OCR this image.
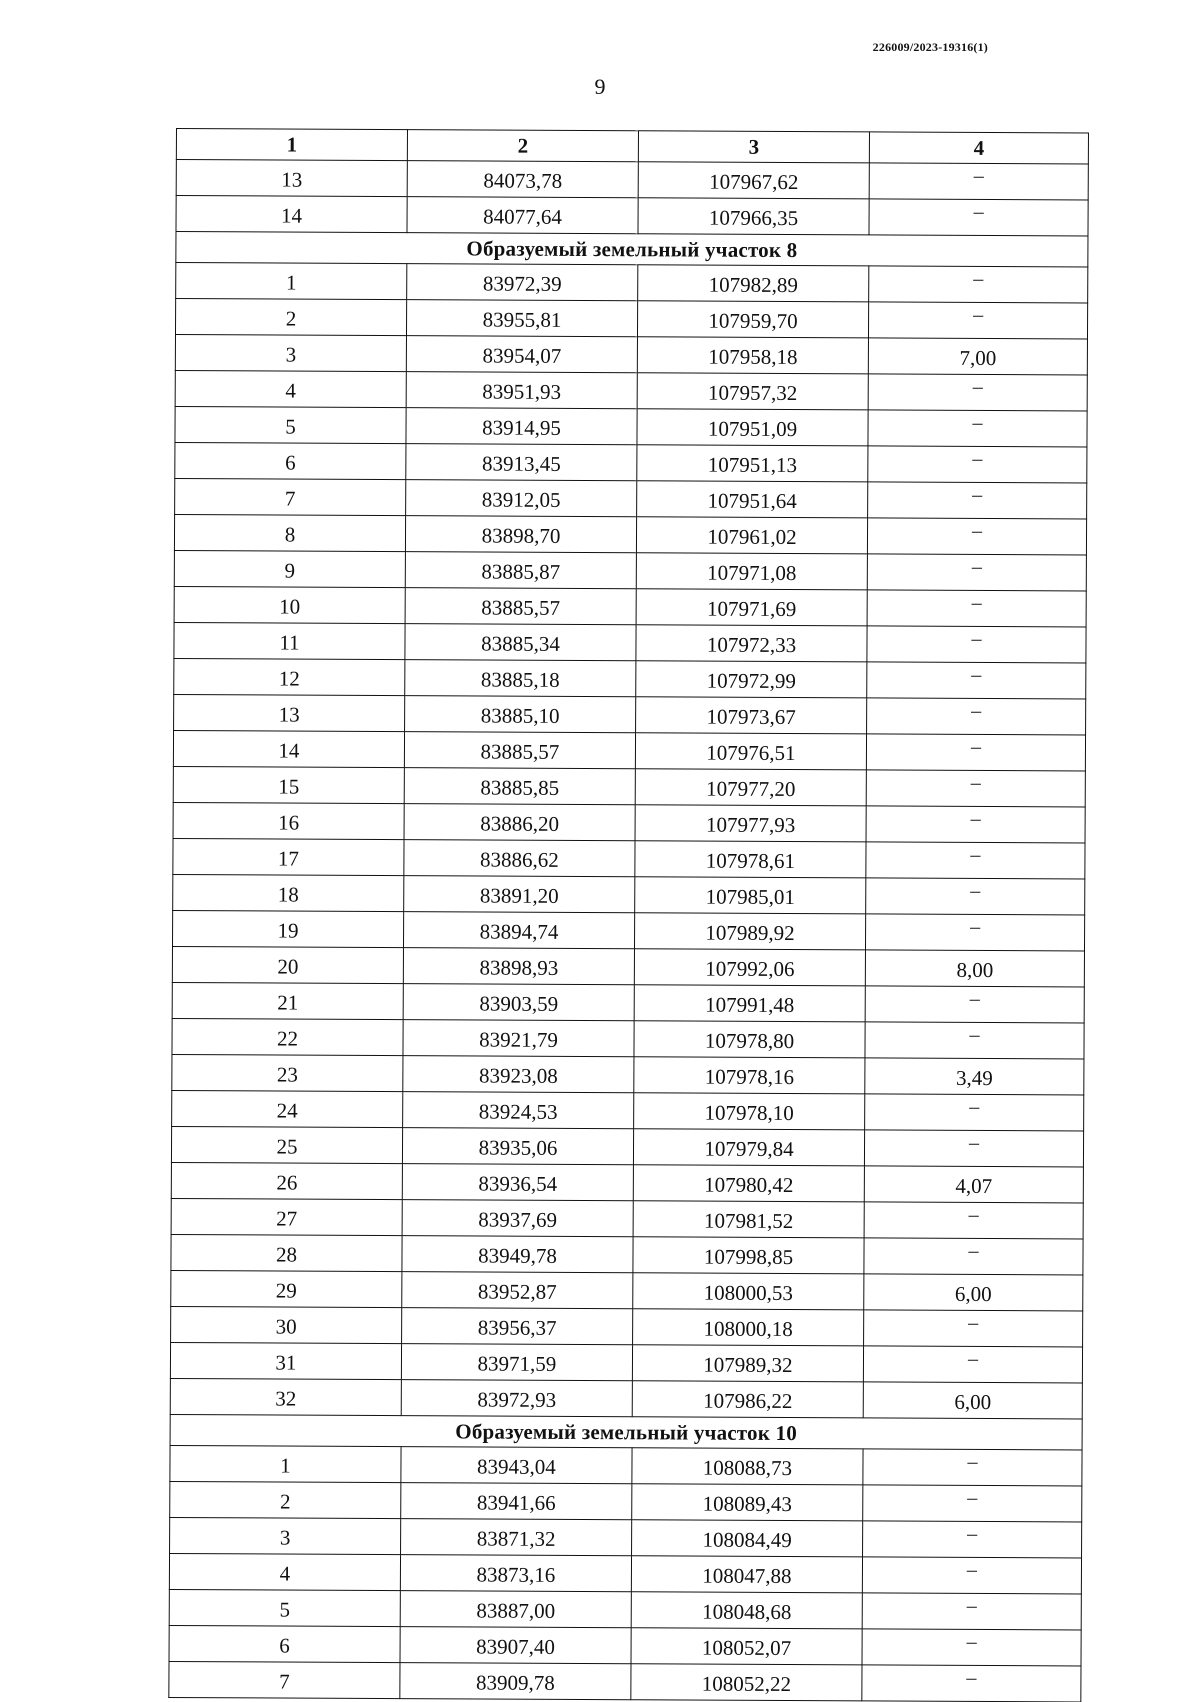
226009/2023-19316(1)
9
1	2	3	4
13	84073,78	107967,62	–
14	84077,64	107966,35	–
Образуемый земельный участок 8			
1	83972,39	107982,89	–
2	83955,81	107959,70	–
3	83954,07	107958,18	7,00
4	83951,93	107957,32	–
5	83914,95	107951,09	–
6	83913,45	107951,13	–
7	83912,05	107951,64	–
8	83898,70	107961,02	–
9	83885,87	107971,08	–
10	83885,57	107971,69	–
11	83885,34	107972,33	–
12	83885,18	107972,99	–
13	83885,10	107973,67	–
14	83885,57	107976,51	–
15	83885,85	107977,20	–
16	83886,20	107977,93	–
17	83886,62	107978,61	–
18	83891,20	107985,01	–
19	83894,74	107989,92	–
20	83898,93	107992,06	8,00
21	83903,59	107991,48	–
22	83921,79	107978,80	–
23	83923,08	107978,16	3,49
24	83924,53	107978,10	–
25	83935,06	107979,84	–
26	83936,54	107980,42	4,07
27	83937,69	107981,52	–
28	83949,78	107998,85	–
29	83952,87	108000,53	6,00
30	83956,37	108000,18	–
31	83971,59	107989,32	–
32	83972,93	107986,22	6,00
Образуемый земельный участок 10			
1	83943,04	108088,73	–
2	83941,66	108089,43	–
3	83871,32	108084,49	–
4	83873,16	108047,88	–
5	83887,00	108048,68	–
6	83907,40	108052,07	–
7	83909,78	108052,22	–
